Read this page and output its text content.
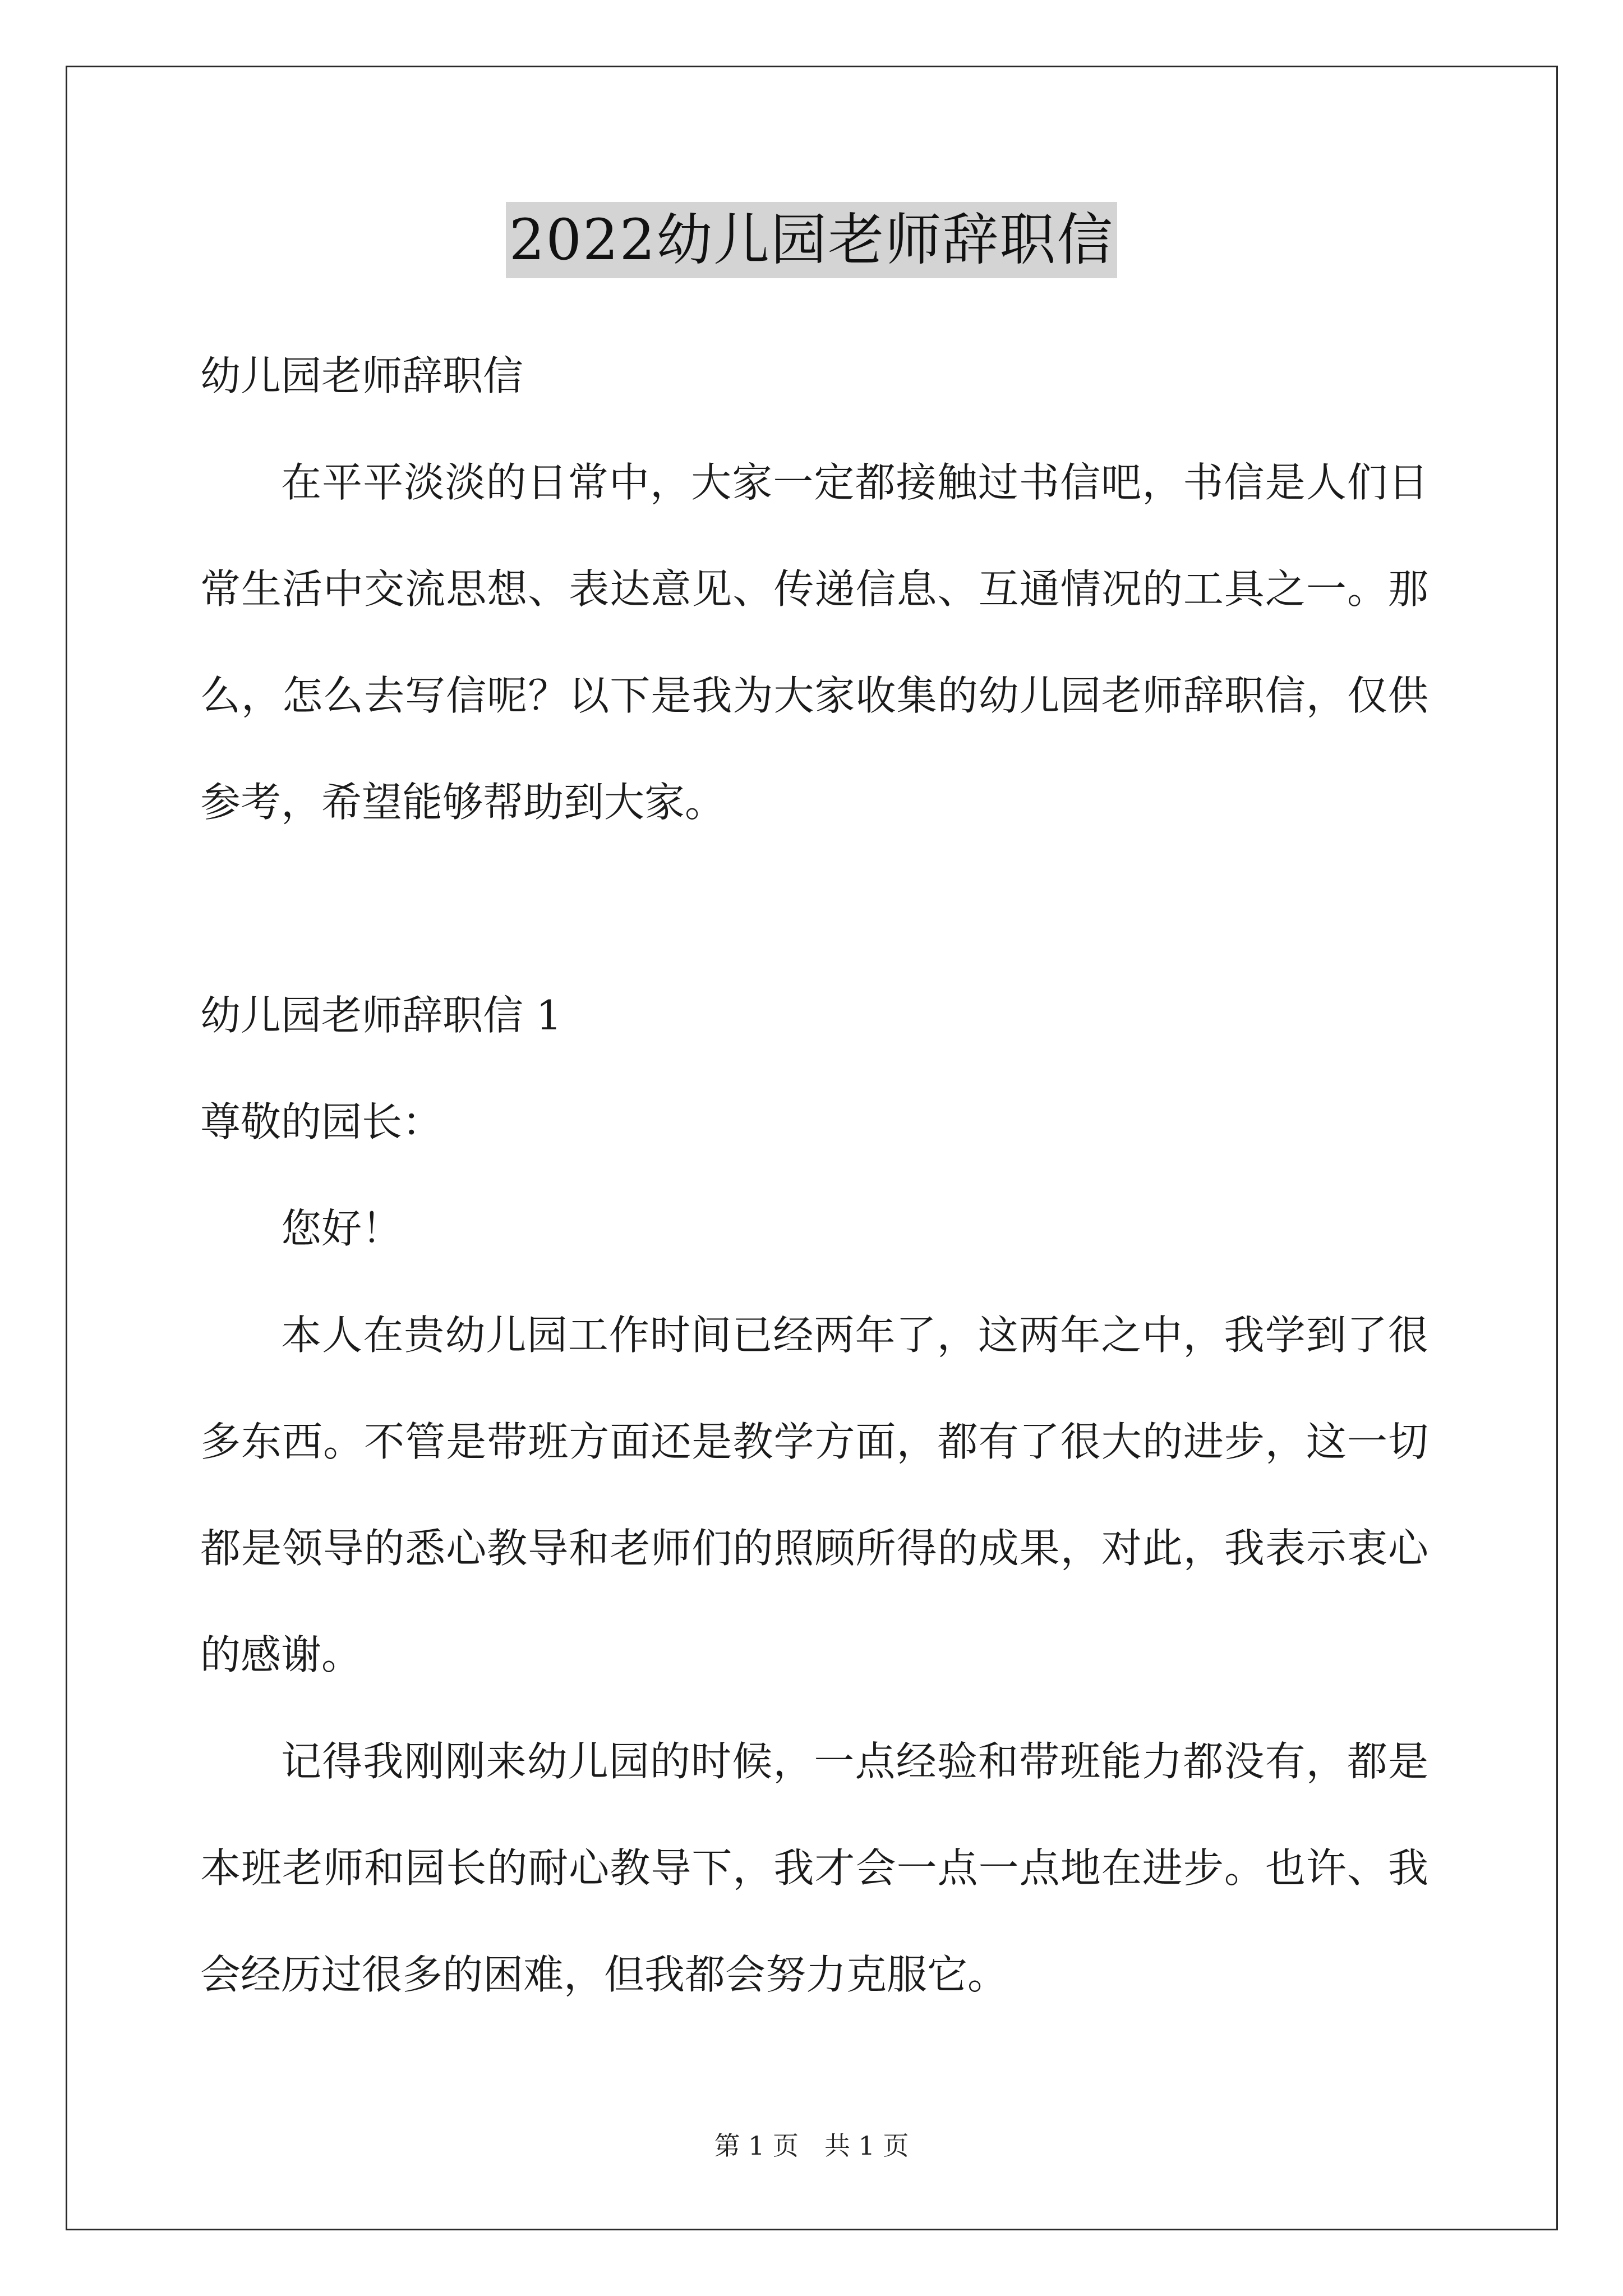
2022幼儿园老师辞职信
幼儿园老师辞职信
在平平淡淡的日常中，大家一定都接触过书信吧，书信是人们日
常生活中交流思想、表达意见、传递信息、互通情况的工具之一。那
么，怎么去写信呢？以下是我为大家收集的幼儿园老师辞职信，仅供
参考，希望能够帮助到大家。
幼儿园老师辞职信 1
尊敬的园长：
您好！
本人在贵幼儿园工作时间已经两年了，这两年之中，我学到了很
多东西。不管是带班方面还是教学方面，都有了很大的进步，这一切
都是领导的悉心教导和老师们的照顾所得的成果，对此，我表示衷心
的感谢。
记得我刚刚来幼儿园的时候，一点经验和带班能力都没有，都是
本班老师和园长的耐心教导下，我才会一点一点地在进步。也许、我
会经历过很多的困难，但我都会努力克服它。
第 1 页 共 1 页
